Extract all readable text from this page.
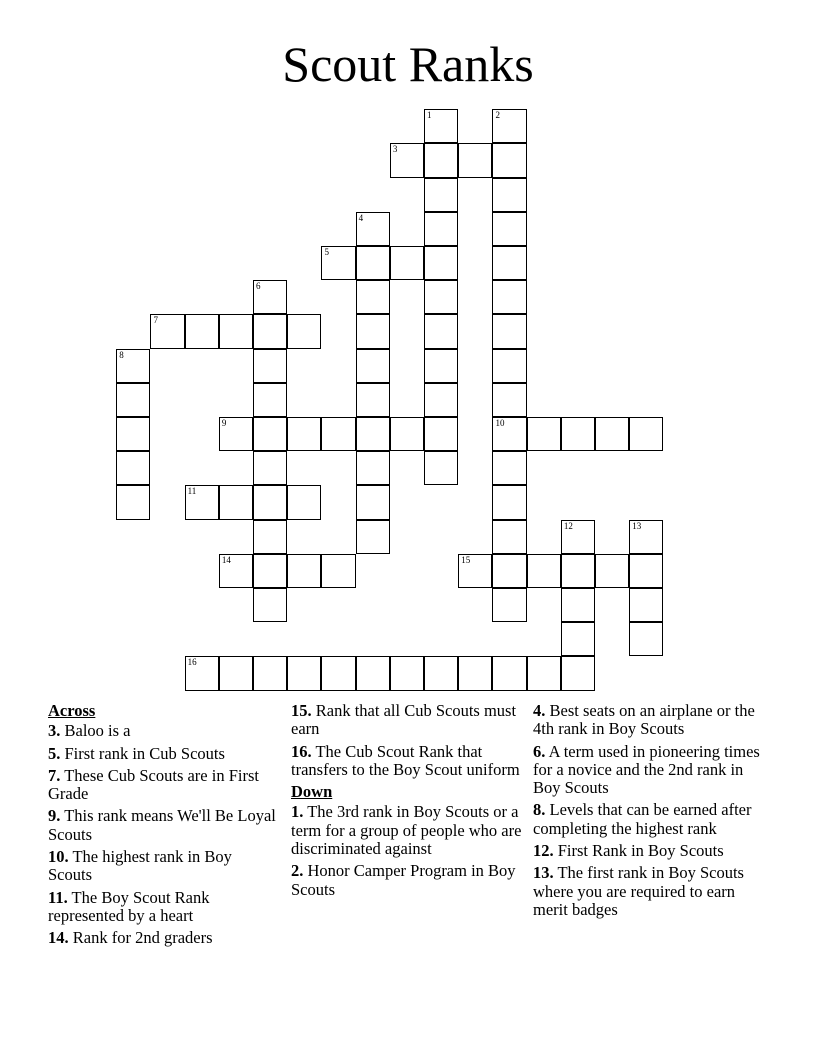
Scout Ranks
1	2
10
3
4
5
6
7
8
9
11
12	13
14	15
16
Across
3. Baloo is a
5. First rank in Cub Scouts
7. These Cub Scouts are in First Grade
9. This rank means We'll Be Loyal Scouts
10. The highest rank in Boy Scouts
11. The Boy Scout Rank represented by a heart
14. Rank for 2nd graders
15. Rank that all Cub Scouts must earn
16. The Cub Scout Rank that transfers to the Boy Scout uniform
Down
1. The 3rd rank in Boy Scouts or a term for a group of people who are discriminated against
2. Honor Camper Program in Boy Scouts
4. Best seats on an airplane or the 4th rank in Boy Scouts
6. A term used in pioneering times for a novice and the 2nd rank in Boy Scouts
8. Levels that can be earned after completing the highest rank
12. First Rank in Boy Scouts
13. The first rank in Boy Scouts where you are required to earn merit badges
